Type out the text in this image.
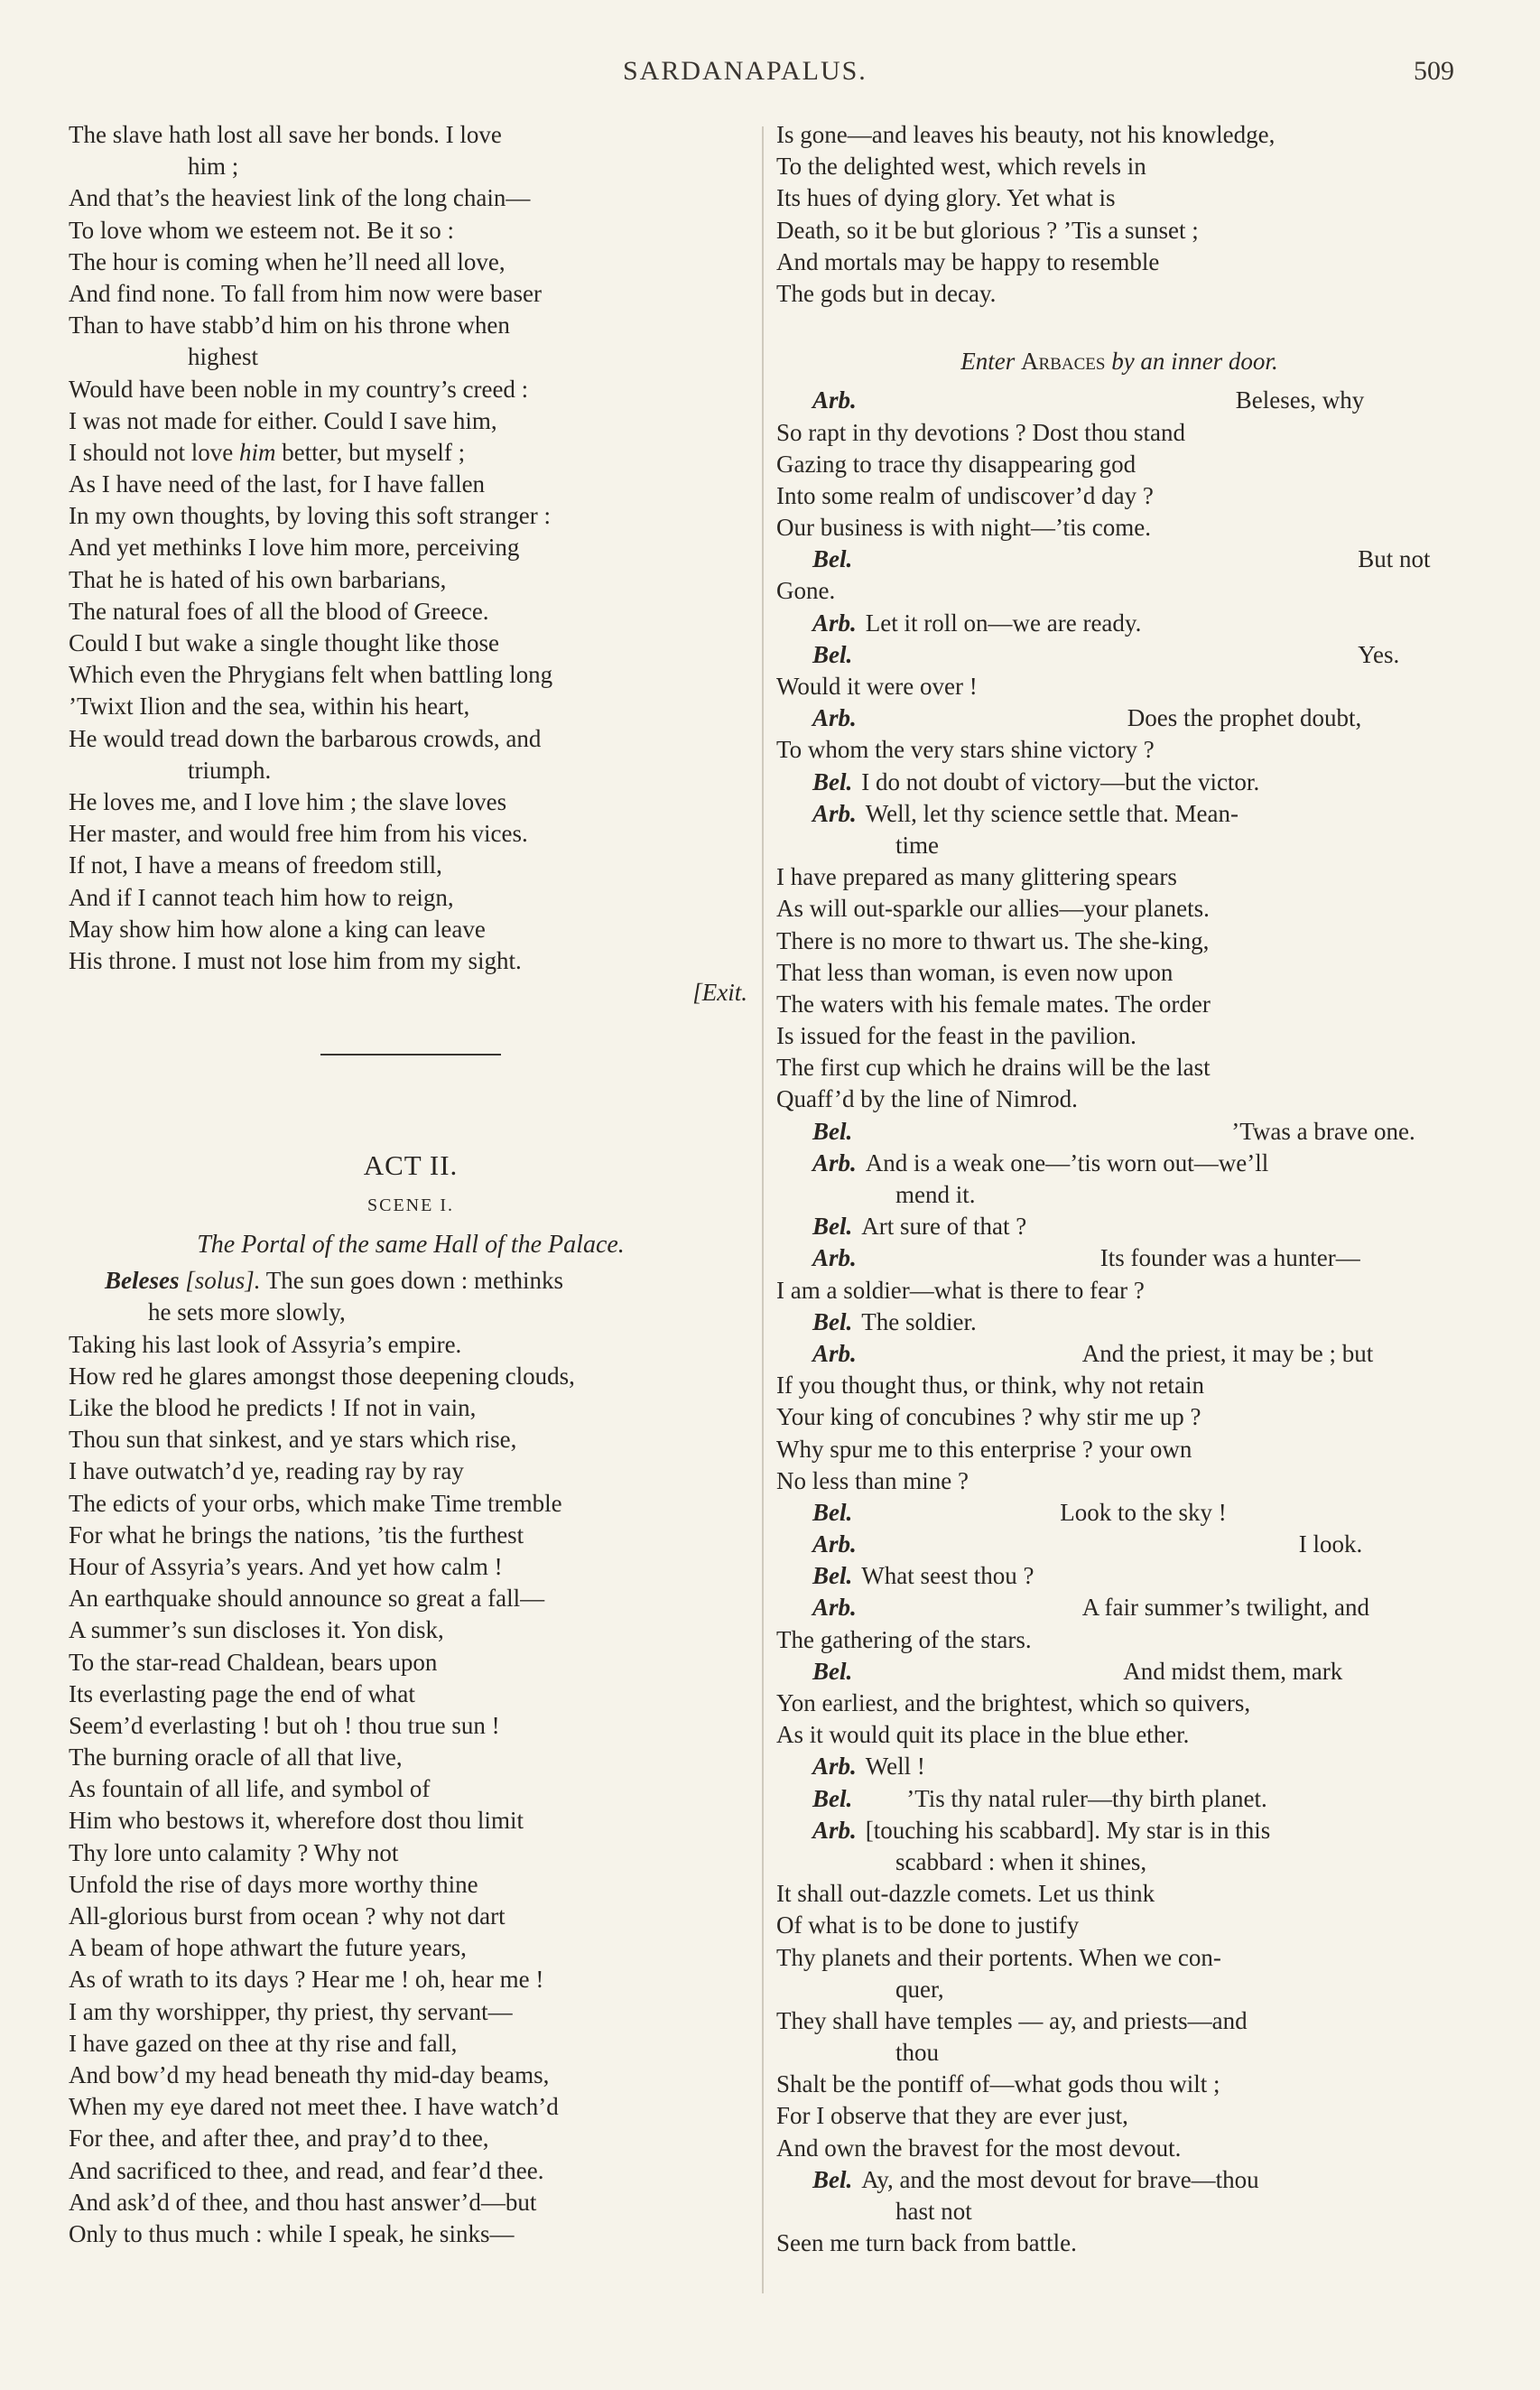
SARDANAPALUS.	509
The slave hath lost all save her bonds. I love
him ;
And that’s the heaviest link of the long chain—
To love whom we esteem not. Be it so :
The hour is coming when he’ll need all love,
And find none. To fall from him now were baser
Than to have stabb’d him on his throne when
highest
Would have been noble in my country’s creed :
I was not made for either. Could I save him,
I should not love him better, but myself ;
As I have need of the last, for I have fallen
In my own thoughts, by loving this soft stranger :
And yet methinks I love him more, perceiving
That he is hated of his own barbarians,
The natural foes of all the blood of Greece.
Could I but wake a single thought like those
Which even the Phrygians felt when battling long
’Twixt Ilion and the sea, within his heart,
He would tread down the barbarous crowds, and
triumph.
He loves me, and I love him ; the slave loves
Her master, and would free him from his vices.
If not, I have a means of freedom still,
And if I cannot teach him how to reign,
May show him how alone a king can leave
His throne. I must not lose him from my sight.
[Exit.
ACT II.
SCENE I.
The Portal of the same Hall of the Palace.
Beleses [solus]. The sun goes down : methinks
he sets more slowly,
Taking his last look of Assyria’s empire.
How red he glares amongst those deepening clouds,
Like the blood he predicts ! If not in vain,
Thou sun that sinkest, and ye stars which rise,
I have outwatch’d ye, reading ray by ray
The edicts of your orbs, which make Time tremble
For what he brings the nations, ’tis the furthest
Hour of Assyria’s years. And yet how calm !
An earthquake should announce so great a fall—
A summer’s sun discloses it. Yon disk,
To the star-read Chaldean, bears upon
Its everlasting page the end of what
Seem’d everlasting ! but oh ! thou true sun !
The burning oracle of all that live,
As fountain of all life, and symbol of
Him who bestows it, wherefore dost thou limit
Thy lore unto calamity ? Why not
Unfold the rise of days more worthy thine
All-glorious burst from ocean ? why not dart
A beam of hope athwart the future years,
As of wrath to its days ? Hear me ! oh, hear me !
I am thy worshipper, thy priest, thy servant—
I have gazed on thee at thy rise and fall,
And bow’d my head beneath thy mid-day beams,
When my eye dared not meet thee. I have watch’d
For thee, and after thee, and pray’d to thee,
And sacrificed to thee, and read, and fear’d thee.
And ask’d of thee, and thou hast answer’d—but
Only to thus much : while I speak, he sinks—
Is gone—and leaves his beauty, not his knowledge,
To the delighted west, which revels in
Its hues of dying glory. Yet what is
Death, so it be but glorious ? ’Tis a sunset ;
And mortals may be happy to resemble
The gods but in decay.
Enter Arbaces by an inner door.
Arb.	Beleses, why
So rapt in thy devotions ? Dost thou stand
Gazing to trace thy disappearing god
Into some realm of undiscover’d day ?
Our business is with night—’tis come.
Bel.	But not
Gone.
Arb. Let it roll on—we are ready.
Bel.	Yes.
Would it were over !
Arb.	Does the prophet doubt,
To whom the very stars shine victory ?
Bel. I do not doubt of victory—but the victor.
Arb. Well, let thy science settle that. Mean-
time
I have prepared as many glittering spears
As will out-sparkle our allies—your planets.
There is no more to thwart us. The she-king,
That less than woman, is even now upon
The waters with his female mates. The order
Is issued for the feast in the pavilion.
The first cup which he drains will be the last
Quaff’d by the line of Nimrod.
Bel.	’Twas a brave one.
Arb. And is a weak one—’tis worn out—we’ll
mend it.
Bel. Art sure of that ?
Arb.	Its founder was a hunter—
I am a soldier—what is there to fear ?
Bel. The soldier.
Arb.	And the priest, it may be ; but
If you thought thus, or think, why not retain
Your king of concubines ? why stir me up ?
Why spur me to this enterprise ? your own
No less than mine ?
Bel.	Look to the sky !
Arb.	I look.
Bel. What seest thou ?
Arb.	A fair summer’s twilight, and
The gathering of the stars.
Bel.	And midst them, mark
Yon earliest, and the brightest, which so quivers,
As it would quit its place in the blue ether.
Arb. Well !
Bel. ’Tis thy natal ruler—thy birth planet.
Arb. [touching his scabbard]. My star is in this
scabbard : when it shines,
It shall out-dazzle comets. Let us think
Of what is to be done to justify
Thy planets and their portents. When we con-
quer,
They shall have temples — ay, and priests—and
thou
Shalt be the pontiff of—what gods thou wilt ;
For I observe that they are ever just,
And own the bravest for the most devout.
Bel. Ay, and the most devout for brave—thou
hast not
Seen me turn back from battle.
